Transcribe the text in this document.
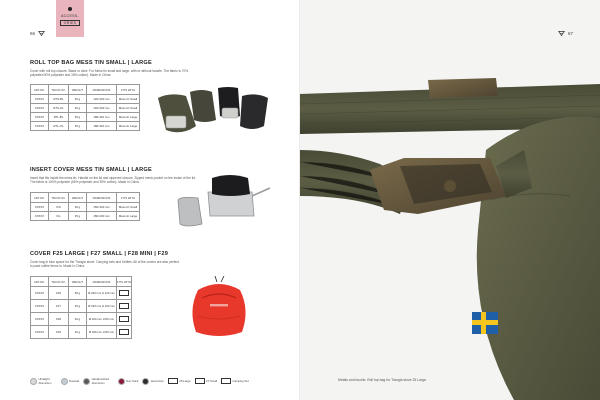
ACCESS-
ORIES
66
ROLL TOP BAG MESS TIN SMALL | LARGE
Cover with roll top closure. Black or olive. For Mess tin small and large, with or without handle. The fabric is 70% polyester/30% polyester and 15% cotton). Made in China.
ART.NO.	TRC/D NO.	WEIGHT	DIMENSIONS	FITS WITH
XXXXX	RTS-BL	30 g	140×100 mm	Mess tin Small
XXXXX	RTS-OL	30 g	140×100 mm	Mess tin Small
XXXXX	RTL-BL	35 g	180×110 mm	Mess tin Large
XXXXX	RTL-OL	35 g	180×110 mm	Mess tin Large
INSERT COVER MESS TIN SMALL | LARGE
Insert that fits inside the mess tin. Handle on the lid and zippered closure. Zipped mesh pocket on the inside of the lid. The fabric is 100% polyester (65% polyester and 35% cotton). Made in China.
ART.NO.	TRC/D NO.	WEIGHT	DIMENSIONS	FITS WITH
XXXXX	ICS	30 g	150×100 mm	Mess tin Small
XXXXX	ICL	35 g	180×100 mm	Mess tin Large
COVER F25 LARGE | F27 SMALL | F28 MINI | F29
Cover bag in blue space for the Trangia stove. Carrying sets and Kettles. All of the covers are also perfect to pack coffee items in. Made in China.
ART.NO.	TRC/D NO.	WEIGHT	DIMENSIONS	FITS WITH
XXXXX	F25	50 g	Ø 240 mm H 120 mm	
XXXXX	F27	45 g	Ø 190 mm H 100 mm	
XXXXX	F28	40 g	Ø 160 mm H 80 mm	
XXXXX	F29	40 g	Ø 180 mm H 80 mm	
Ultralight Aluminium	Duossal	Hardanodized Aluminium	Non-Stick	Aluminium	25-Large	27-Small	Camping Set
67
Metals and buckle. Roll top bag for Trangia stove 25 Large.
